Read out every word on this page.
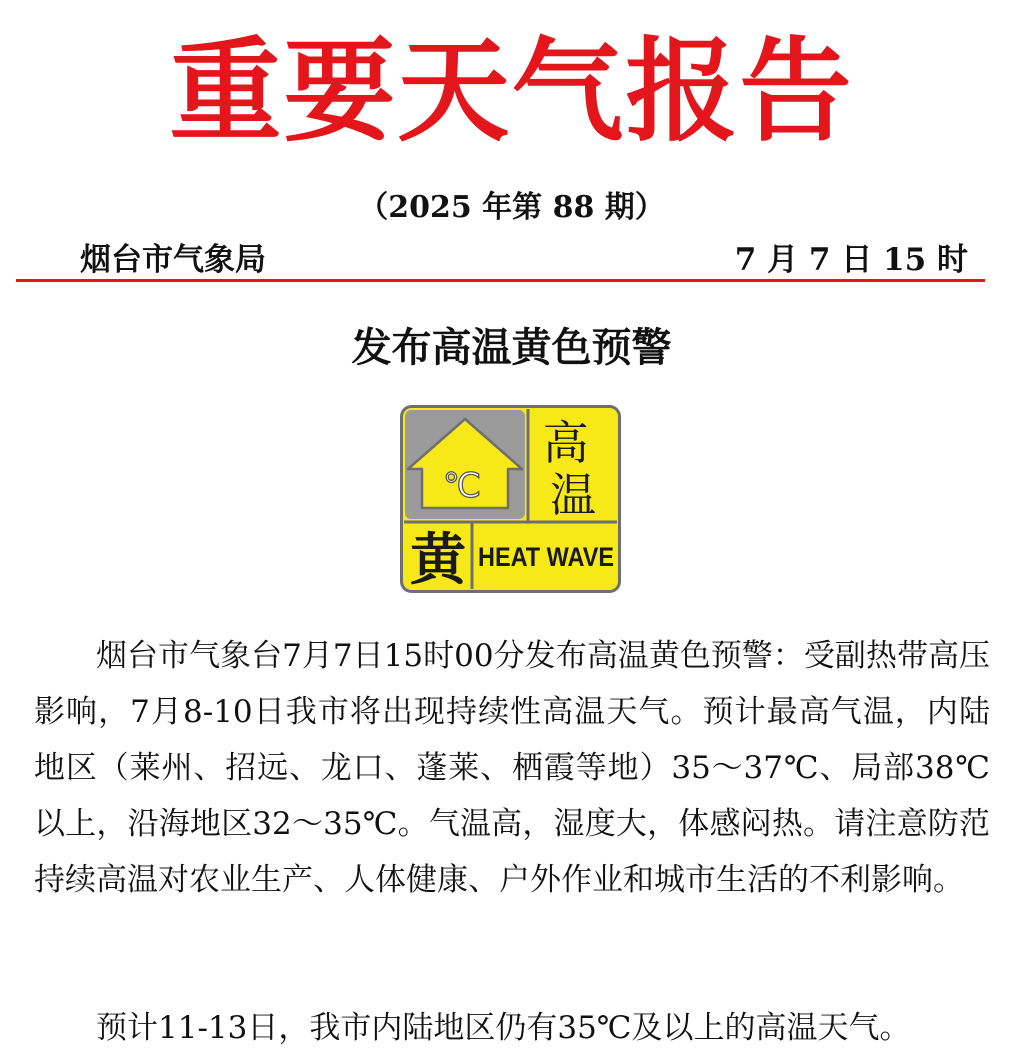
重要天气报告
（2025 年第 88 期）
烟台市气象局	7 月 7 日 15 时
发布高温黄色预警
℃
高 温
黄 HEAT WAVE

烟台市气象台7月7日15时00分发布高温黄色预警：受副热带高压影响，7月8-10日我市将出现持续性高温天气。预计最高气温，内陆地区（莱州、招远、龙口、蓬莱、栖霞等地）35～37℃、局部38℃以上，沿海地区32～35℃。气温高，湿度大，体感闷热。请注意防范持续高温对农业生产、人体健康、户外作业和城市生活的不利影响。

预计11-13日，我市内陆地区仍有35℃及以上的高温天气。
